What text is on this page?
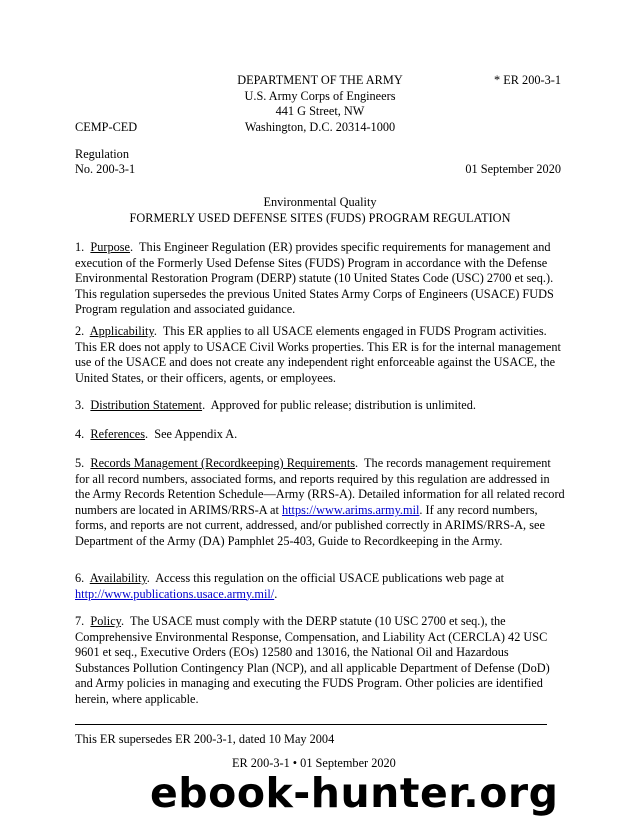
DEPARTMENT OF THE ARMY
U.S. Army Corps of Engineers
441 G Street, NW
Washington, D.C. 20314-1000
* ER 200-3-1
CEMP-CED
Regulation
No. 200-3-1	01 September 2020
Environmental Quality
FORMERLY USED DEFENSE SITES (FUDS) PROGRAM REGULATION
1. Purpose.  This Engineer Regulation (ER) provides specific requirements for management and execution of the Formerly Used Defense Sites (FUDS) Program in accordance with the Defense Environmental Restoration Program (DERP) statute (10 United States Code (USC) 2700 et seq.). This regulation supersedes the previous United States Army Corps of Engineers (USACE) FUDS Program regulation and associated guidance.
2. Applicability.  This ER applies to all USACE elements engaged in FUDS Program activities. This ER does not apply to USACE Civil Works properties. This ER is for the internal management use of the USACE and does not create any independent right enforceable against the USACE, the United States, or their officers, agents, or employees.
3. Distribution Statement.  Approved for public release; distribution is unlimited.
4. References.  See Appendix A.
5. Records Management (Recordkeeping) Requirements.  The records management requirement for all record numbers, associated forms, and reports required by this regulation are addressed in the Army Records Retention Schedule—Army (RRS-A). Detailed information for all related record numbers are located in ARIMS/RRS-A at https://www.arims.army.mil. If any record numbers, forms, and reports are not current, addressed, and/or published correctly in ARIMS/RRS-A, see Department of the Army (DA) Pamphlet 25-403, Guide to Recordkeeping in the Army.
6. Availability.  Access this regulation on the official USACE publications web page at http://www.publications.usace.army.mil/.
7. Policy.  The USACE must comply with the DERP statute (10 USC 2700 et seq.), the Comprehensive Environmental Response, Compensation, and Liability Act (CERCLA) 42 USC 9601 et seq., Executive Orders (EOs) 12580 and 13016, the National Oil and Hazardous Substances Pollution Contingency Plan (NCP), and all applicable Department of Defense (DoD) and Army policies in managing and executing the FUDS Program. Other policies are identified herein, where applicable.
This ER supersedes ER 200-3-1, dated 10 May 2004
ER 200-3-1 • 01 September 2020
ebook-hunter.org
